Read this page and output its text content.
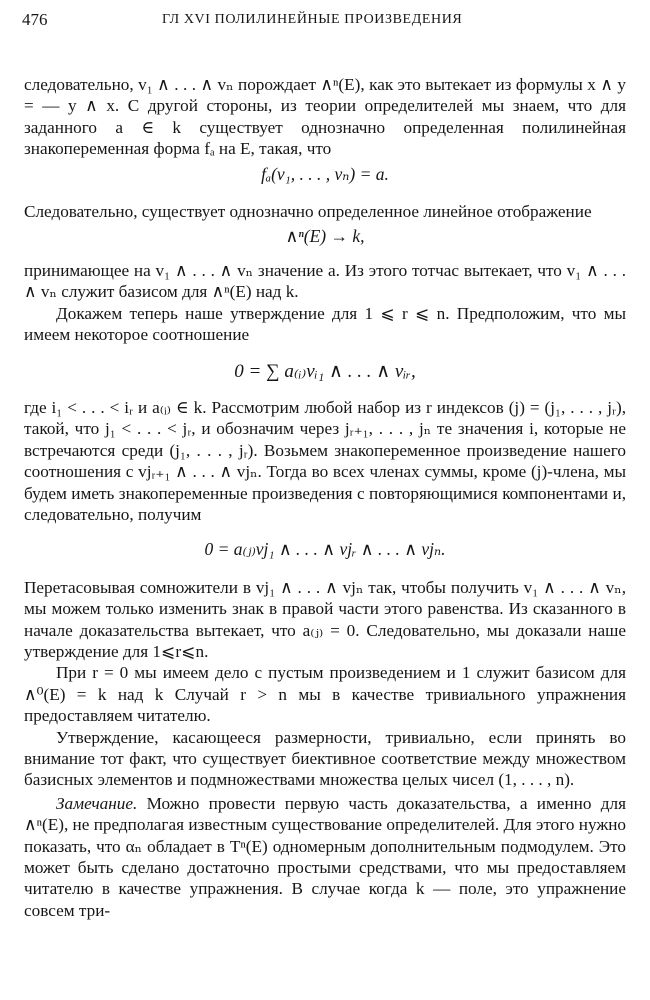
476	ГЛ XVI ПОЛИЛИНЕЙНЫЕ ПРОИЗВЕДЕНИЯ

следовательно, v₁ ∧ . . . ∧ vₙ порождает ∧ⁿ(E), как это вытекает из формулы x ∧ y = — y ∧ x. С другой стороны, из теории определителей мы знаем, что для заданного a ∈ k существует однозначно определенная полилинейная знакопеременная форма fₐ на E, такая, что

fₐ(v₁, . . . , vₙ) = a.

Следовательно, существует однозначно определенное линейное отображение

∧ⁿ(E) → k,

принимающее на v₁ ∧ . . . ∧ vₙ значение a. Из этого тотчас вытекает, что v₁ ∧ . . . ∧ vₙ служит базисом для ∧ⁿ(E) над k.

Докажем теперь наше утверждение для 1 ⩽ r ⩽ n. Предположим, что мы имеем некоторое соотношение

0 = ∑ a₍ᵢ₎vᵢ₁ ∧ . . . ∧ vᵢᵣ,

где i₁ < . . . < iᵣ и a₍ᵢ₎ ∈ k. Рассмотрим любой набор из r индексов (j) = (j₁, . . . , jᵣ), такой, что j₁ < . . . < jᵣ, и обозначим через jᵣ₊₁, . . . , jₙ те значения i, которые не встречаются среди (j₁, . . . , jᵣ). Возьмем знакопеременное произведение нашего соотношения с vjᵣ₊₁ ∧ . . . ∧ vjₙ. Тогда во всех членах суммы, кроме (j)-члена, мы будем иметь знакопеременные произведения с повторяющимися компонентами и, следовательно, получим

0 = a₍ⱼ₎vj₁ ∧ . . . ∧ vjᵣ ∧ . . . ∧ vjₙ.

Перетасовывая сомножители в vj₁ ∧ . . . ∧ vjₙ так, чтобы получить v₁ ∧ . . . ∧ vₙ, мы можем только изменить знак в правой части этого равенства. Из сказанного в начале доказательства вытекает, что a₍ⱼ₎ = 0. Следовательно, мы доказали наше утверждение для 1⩽r⩽n.

При r = 0 мы имеем дело с пустым произведением и 1 служит базисом для ∧⁰(E) = k над k Случай r > n мы в качестве тривиального упражнения предоставляем читателю.

Утверждение, касающееся размерности, тривиально, если принять во внимание тот факт, что существует биективное соответствие между множеством базисных элементов и подмножествами множества целых чисел (1, . . . , n).

Замечание. Можно провести первую часть доказательства, а именно для ∧ⁿ(E), не предполагая известным существование определителей. Для этого нужно показать, что αₙ обладает в Tⁿ(E) одномерным дополнительным подмодулем. Это может быть сделано достаточно простыми средствами, что мы предоставляем читателю в качестве упражнения. В случае когда k — поле, это упражнение совсем три-
